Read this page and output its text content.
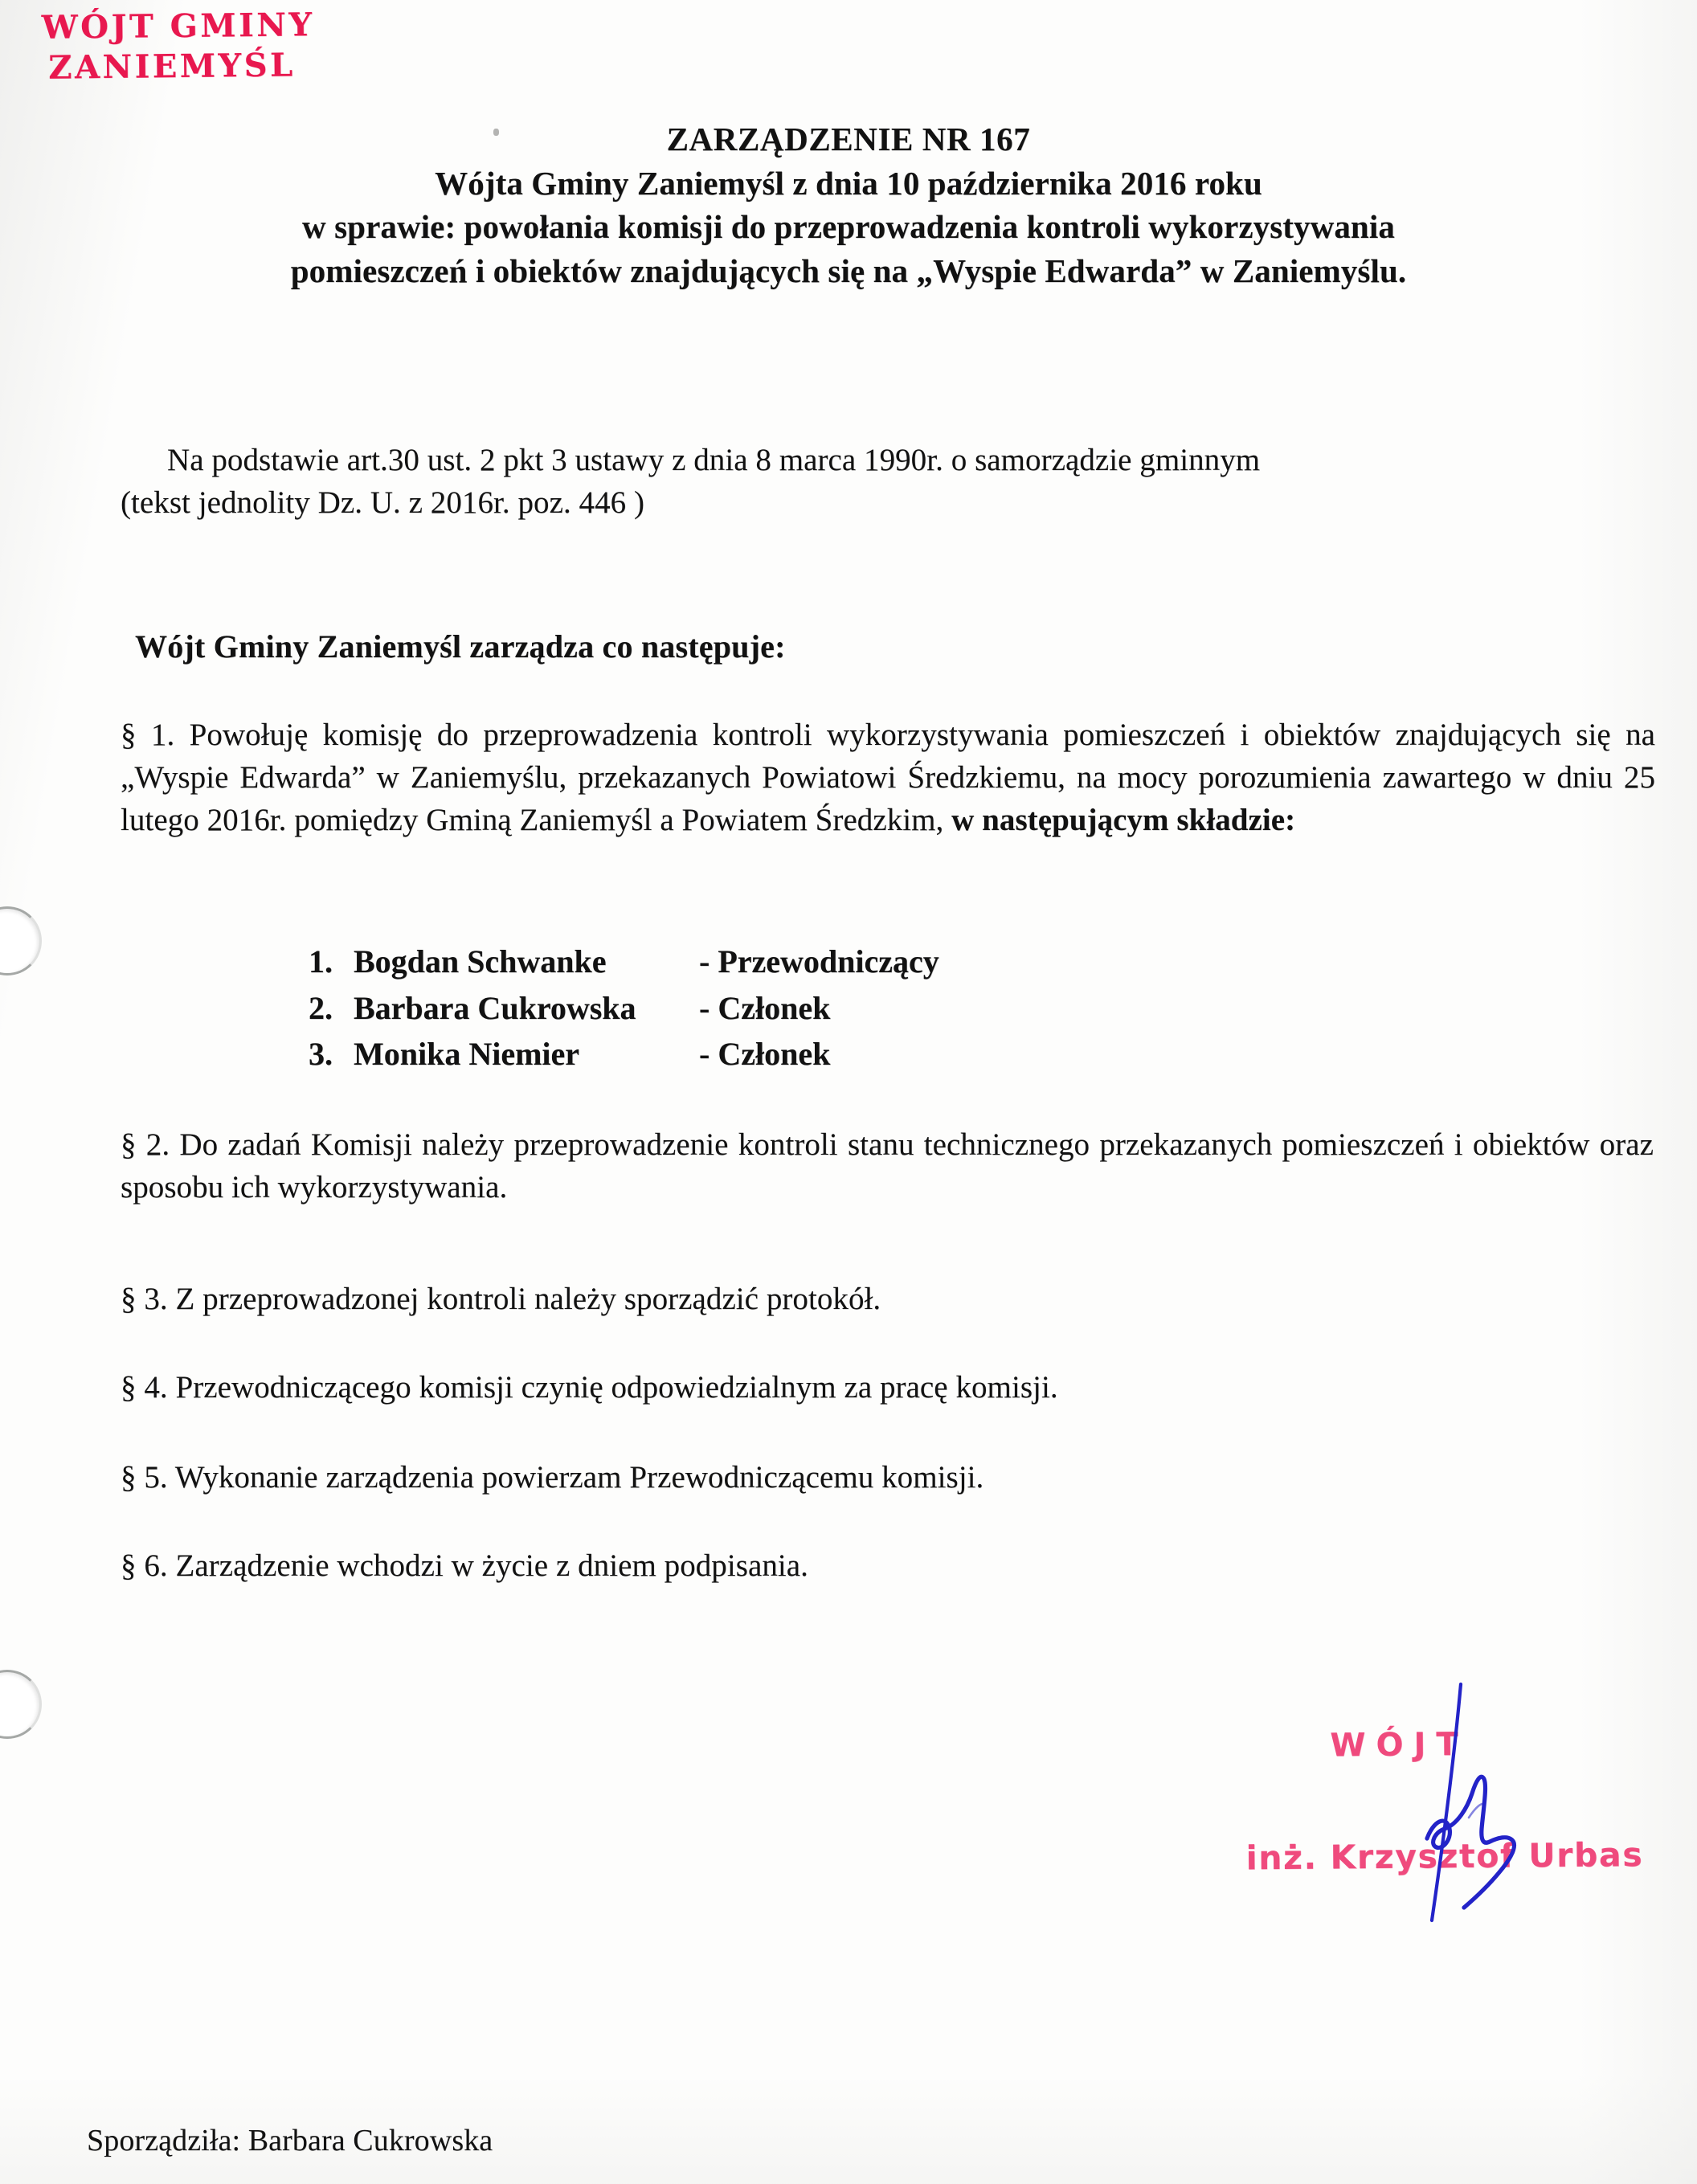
WÓJT GMINY
ZANIEMYŚL
ZARZĄDZENIE NR 167
Wójta Gminy Zaniemyśl z dnia 10 października 2016 roku
w sprawie: powołania komisji do przeprowadzenia kontroli wykorzystywania
pomieszczeń i obiektów znajdujących się na „Wyspie Edwarda” w Zaniemyślu.
Na podstawie art.30 ust. 2 pkt 3 ustawy z dnia 8 marca 1990r. o samorządzie gminnym
(tekst jednolity Dz. U. z 2016r. poz. 446 )
Wójt Gminy Zaniemyśl zarządza co następuje:
§ 1. Powołuję komisję do przeprowadzenia kontroli wykorzystywania pomieszczeń i obiektów znajdujących się na „Wyspie Edwarda” w Zaniemyślu, przekazanych Powiatowi Średzkiemu, na mocy porozumienia zawartego w dniu 25 lutego 2016r. pomiędzy Gminą Zaniemyśl a Powiatem Średzkim, w następującym składzie:
1. Bogdan Schwanke	- Przewodniczący
2. Barbara Cukrowska	- Członek
3. Monika Niemier	- Członek
§ 2. Do zadań Komisji należy przeprowadzenie kontroli stanu technicznego przekazanych pomieszczeń i obiektów oraz sposobu ich wykorzystywania.
§ 3. Z przeprowadzonej kontroli należy sporządzić protokół.
§ 4. Przewodniczącego komisji czynię odpowiedzialnym za pracę komisji.
§ 5. Wykonanie zarządzenia powierzam Przewodniczącemu komisji.
§ 6. Zarządzenie wchodzi w życie z dniem podpisania.
WÓJT
inż. Krzysztof Urbas
Sporządziła: Barbara Cukrowska
